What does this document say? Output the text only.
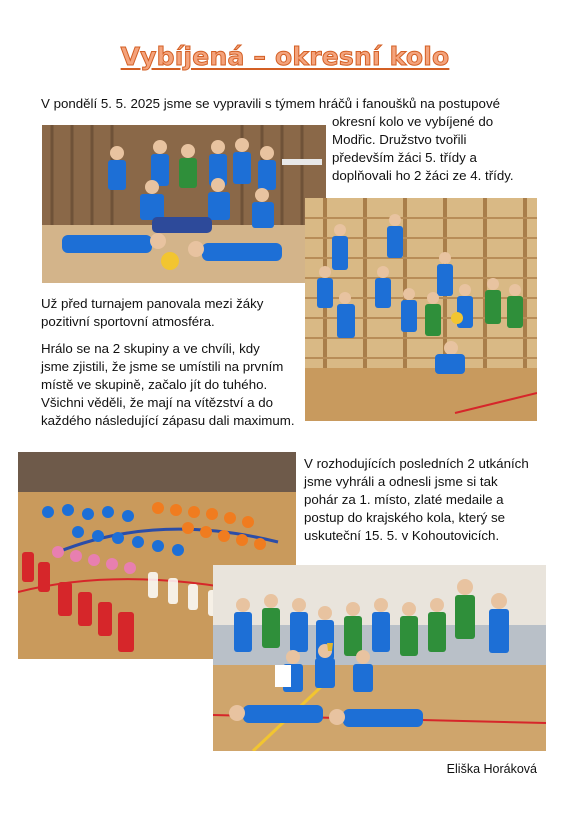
Vybíjená – okresní kolo

V pondělí 5. 5. 2025 jsme se vypravili s týmem hráčů i fanoušků na postupové

okresní kolo ve vybíjené do

Modřic. Družstvo tvořili

především žáci 5. třídy a

doplňovali ho 2 žáci ze 4. třídy.

Už před turnajem panovala mezi žáky

pozitivní sportovní atmosféra.

Hrálo se na 2 skupiny a ve chvíli, kdy

jsme zjistili, že jsme se umístili na prvním

místě ve skupině, začalo jít do tuhého.

Všichni věděli, že mají na vítězství a do

každého následující zápasu dali maximum.

V rozhodujících posledních 2 utkáních

jsme vyhráli a odnesli jsme si tak

pohár za 1. místo, zlaté medaile a

postup do krajského kola, který se

uskuteční 15. 5. v Kohoutovicích.

Eliška Horáková
